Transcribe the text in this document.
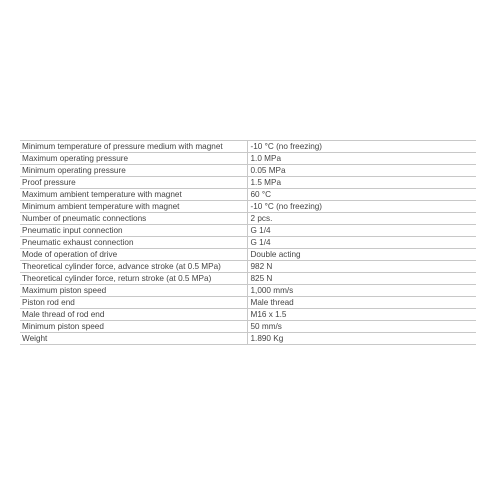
Minimum temperature of pressure medium with magnet	-10 °C (no freezing)
Maximum operating pressure	1.0 MPa
Minimum operating pressure	0.05 MPa
Proof pressure	1.5 MPa
Maximum ambient temperature with magnet	60 °C
Minimum ambient temperature with magnet	-10 °C (no freezing)
Number of pneumatic connections	2 pcs.
Pneumatic input connection	G 1/4
Pneumatic exhaust connection	G 1/4
Mode of operation of drive	Double acting
Theoretical cylinder force, advance stroke (at 0.5 MPa)	982 N
Theoretical cylinder force, return stroke (at 0.5 MPa)	825 N
Maximum piston speed	1,000 mm/s
Piston rod end	Male thread
Male thread of rod end	M16 x 1.5
Minimum piston speed	50 mm/s
Weight	1.890 Kg
